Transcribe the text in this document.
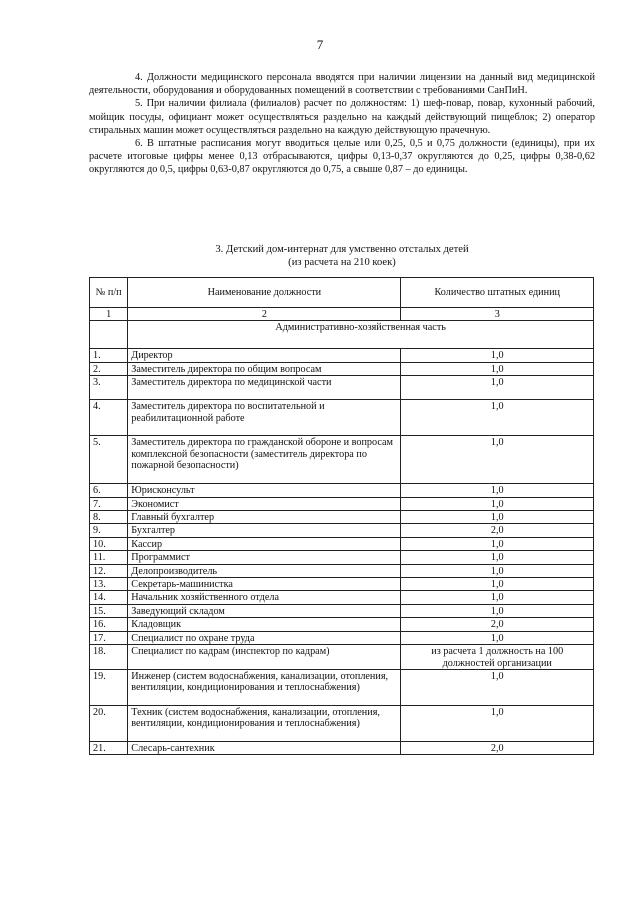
7

4. Должности медицинского персонала вводятся при наличии лицензии на данный вид медицинской деятельности, оборудования и оборудованных помещений в соответствии с требованиями СанПиН.

5. При наличии филиала (филиалов) расчет по должностям: 1) шеф-повар, повар, кухонный рабочий, мойщик посуды, официант может осуществляться раздельно на каждый действующий пищеблок; 2) оператор стиральных машин может осуществляться раздельно на каждую действующую прачечную.

6. В штатные расписания могут вводиться целые или 0,25, 0,5 и 0,75 должности (единицы), при их расчете итоговые цифры менее 0,13 отбрасываются, цифры 0,13-0,37 округляются до 0,25, цифры 0,38-0,62 округляются до 0,5, цифры 0,63-0,87 округляются до 0,75, а свыше 0,87 – до единицы.

3. Детский дом-интернат для умственно отсталых детей
(из расчета на 210 коек)
№ п/п	Наименование должности	Количество штатных единиц
1	2	3
	Административно-хозяйственная часть	
1.	Директор	1,0
2.	Заместитель директора по общим вопросам	1,0
3.	Заместитель директора по медицинской части	1,0
4.	Заместитель директора по воспитательной и реабилитационной работе	1,0
5.	Заместитель директора по гражданской обороне и вопросам комплексной безопасности (заместитель директора по пожарной безопасности)	1,0
6.	Юрисконсульт	1,0
7.	Экономист	1,0
8.	Главный бухгалтер	1,0
9.	Бухгалтер	2,0
10.	Кассир	1,0
11.	Программист	1,0
12.	Делопроизводитель	1,0
13.	Секретарь-машинистка	1,0
14.	Начальник хозяйственного отдела	1,0
15.	Заведующий складом	1,0
16.	Кладовщик	2,0
17.	Специалист по охране труда	1,0
18.	Специалист по кадрам (инспектор по кадрам)	из расчета 1 должность на 100 должностей организации
19.	Инженер (систем водоснабжения, канализации, отопления, вентиляции, кондиционирования и теплоснабжения)	1,0
20.	Техник (систем водоснабжения, канализации, отопления, вентиляции, кондиционирования и теплоснабжения)	1,0
21.	Слесарь-сантехник	2,0
